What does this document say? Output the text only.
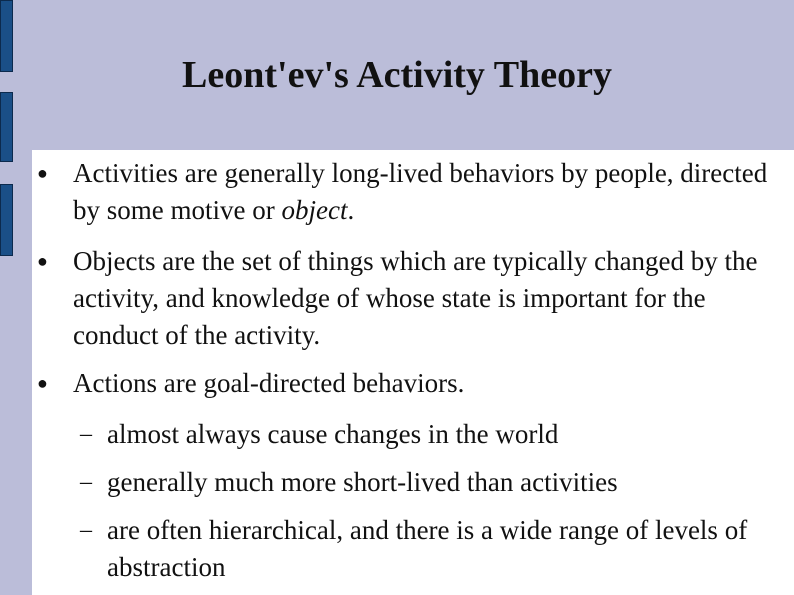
Leont'ev's Activity Theory
● Activities are generally long-lived behaviors by people, directed by some motive or object.
● Objects are the set of things which are typically changed by the activity, and knowledge of whose state is important for the conduct of the activity.
● Actions are goal-directed behaviors.
– almost always cause changes in the world
– generally much more short-lived than activities
– are often hierarchical, and there is a wide range of levels of abstraction
